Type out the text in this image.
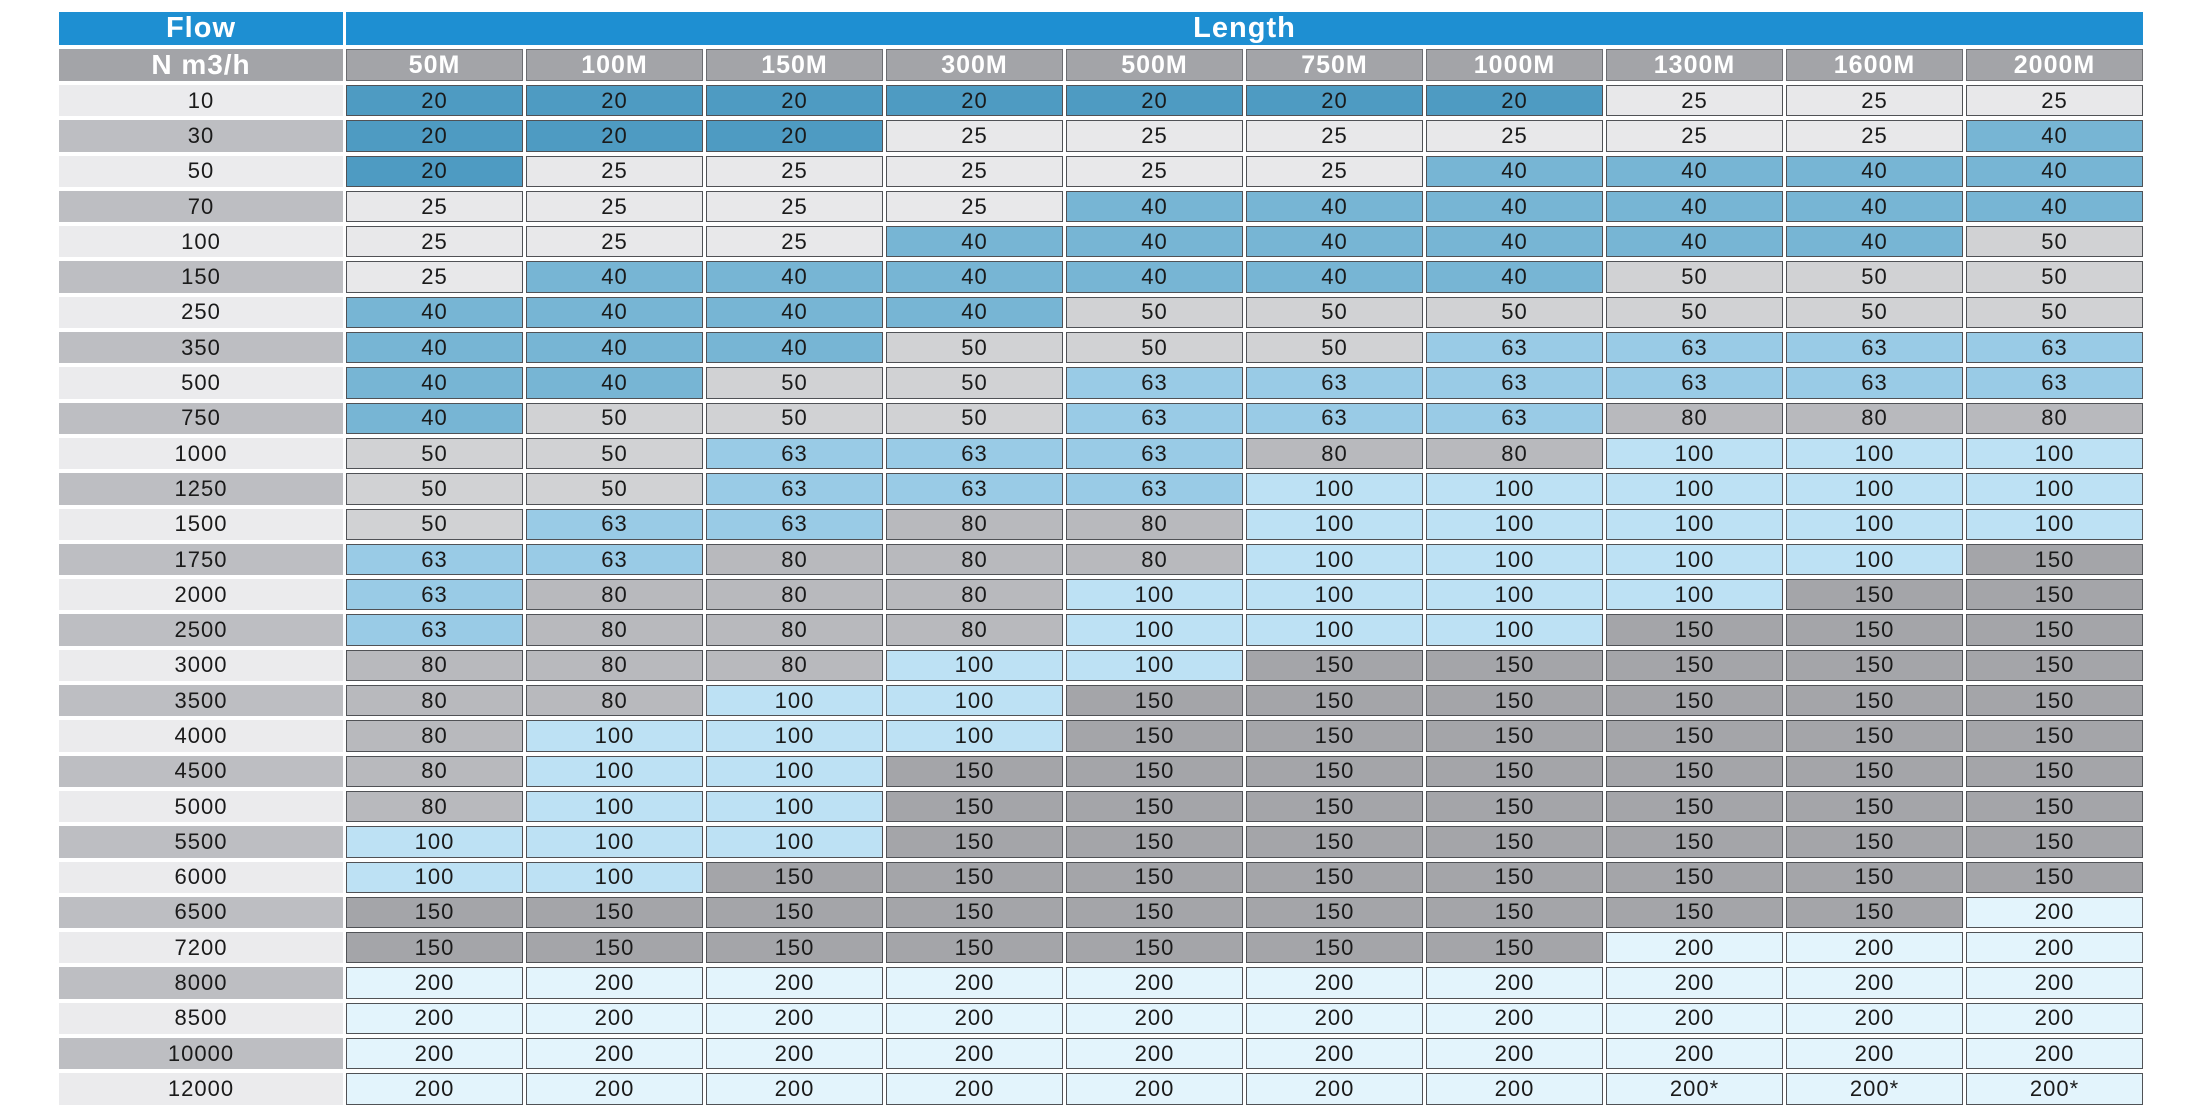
Flow	Length									
N m3/h	50M	100M	150M	300M	500M	750M	1000M	1300M	1600M	2000M
10	20	20	20	20	20	20	20	25	25	25
30	20	20	20	25	25	25	25	25	25	40
50	20	25	25	25	25	25	40	40	40	40
70	25	25	25	25	40	40	40	40	40	40
100	25	25	25	40	40	40	40	40	40	50
150	25	40	40	40	40	40	40	50	50	50
250	40	40	40	40	50	50	50	50	50	50
350	40	40	40	50	50	50	63	63	63	63
500	40	40	50	50	63	63	63	63	63	63
750	40	50	50	50	63	63	63	80	80	80
1000	50	50	63	63	63	80	80	100	100	100
1250	50	50	63	63	63	100	100	100	100	100
1500	50	63	63	80	80	100	100	100	100	100
1750	63	63	80	80	80	100	100	100	100	150
2000	63	80	80	80	100	100	100	100	150	150
2500	63	80	80	80	100	100	100	150	150	150
3000	80	80	80	100	100	150	150	150	150	150
3500	80	80	100	100	150	150	150	150	150	150
4000	80	100	100	100	150	150	150	150	150	150
4500	80	100	100	150	150	150	150	150	150	150
5000	80	100	100	150	150	150	150	150	150	150
5500	100	100	100	150	150	150	150	150	150	150
6000	100	100	150	150	150	150	150	150	150	150
6500	150	150	150	150	150	150	150	150	150	200
7200	150	150	150	150	150	150	150	200	200	200
8000	200	200	200	200	200	200	200	200	200	200
8500	200	200	200	200	200	200	200	200	200	200
10000	200	200	200	200	200	200	200	200	200	200
12000	200	200	200	200	200	200	200	200*	200*	200*
